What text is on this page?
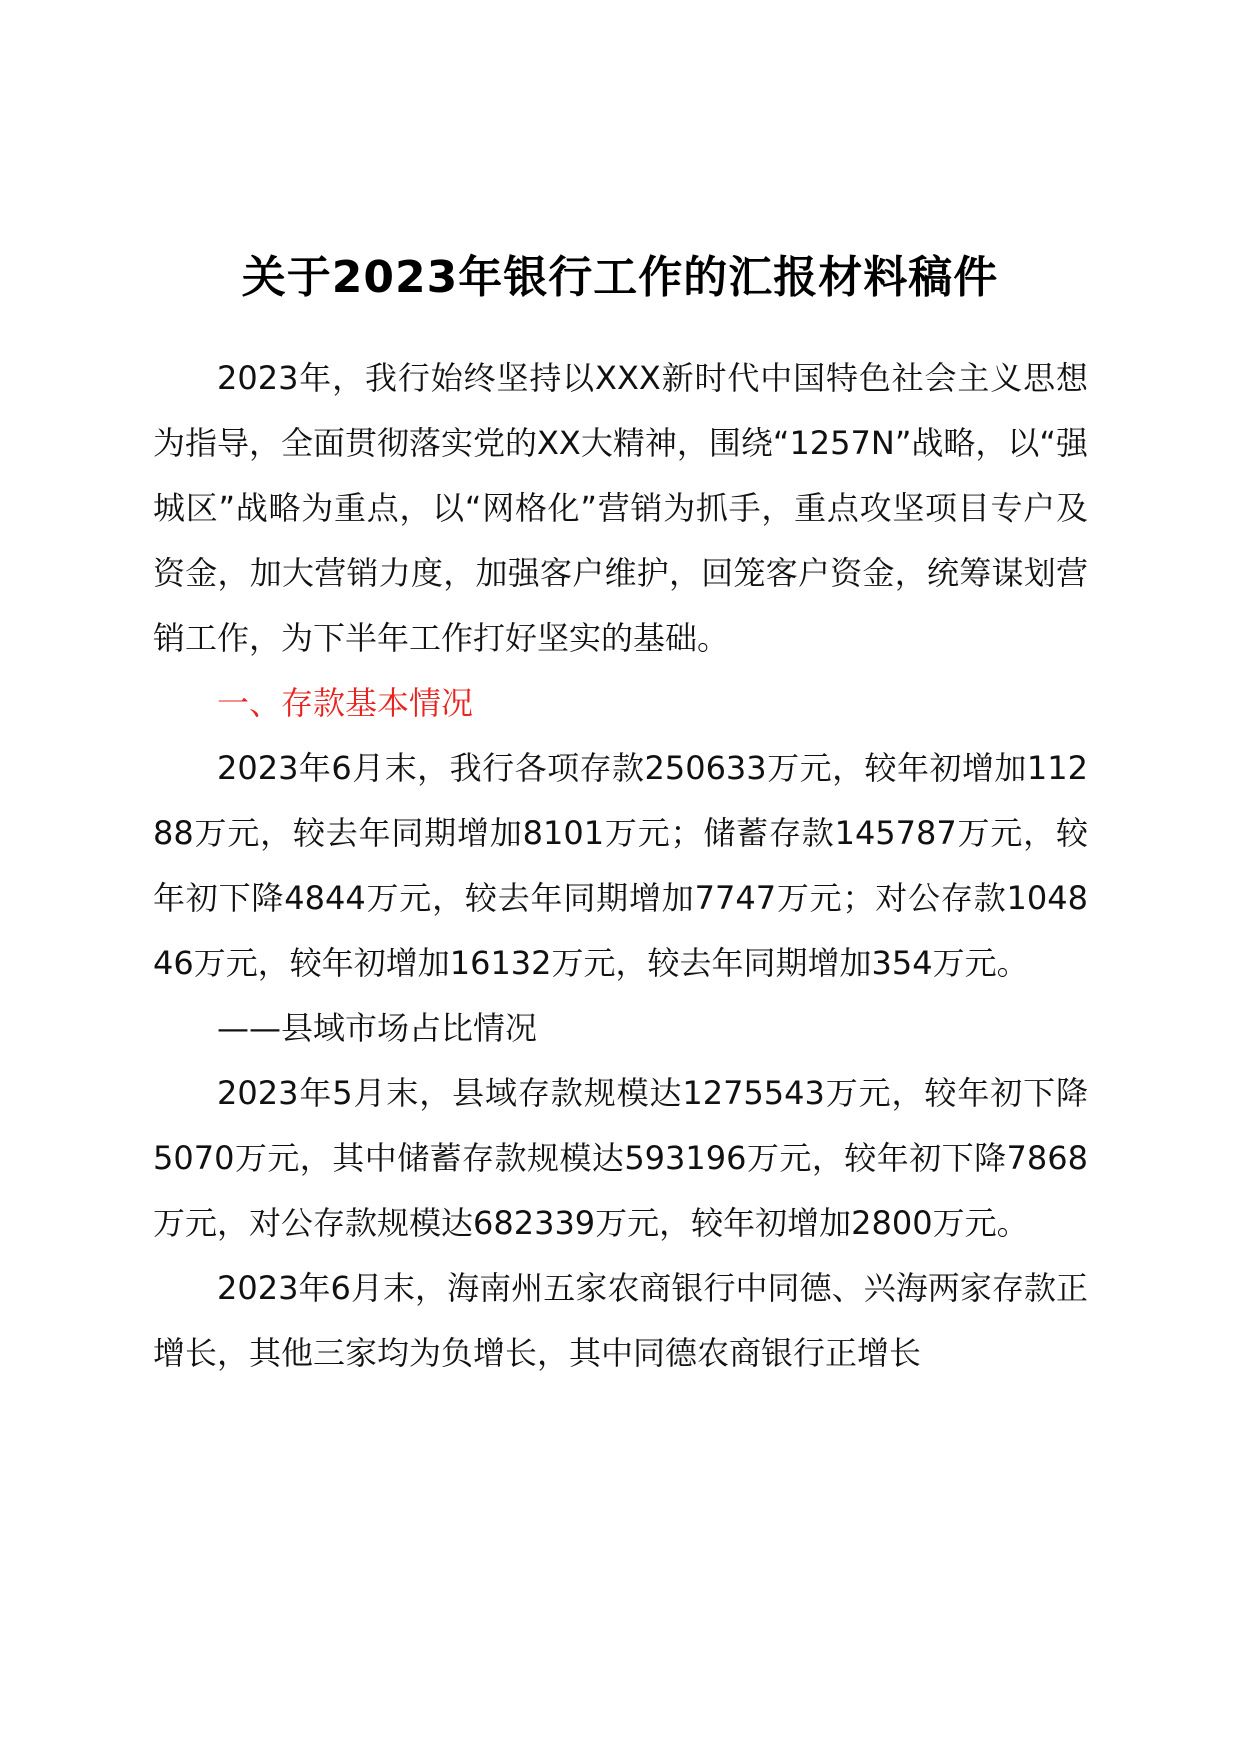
关于2023年银行工作的汇报材料稿件

2023年，我行始终坚持以XXX新时代中国特色社会主义思想为指导，全面贯彻落实党的XX大精神，围绕“1257N”战略，以“强城区”战略为重点，以“网格化”营销为抓手，重点攻坚项目专户及资金，加大营销力度，加强客户维护，回笼客户资金，统筹谋划营销工作，为下半年工作打好坚实的基础。

一、存款基本情况

2023年6月末，我行各项存款250633万元，较年初增加11288万元，较去年同期增加8101万元；储蓄存款145787万元，较年初下降4844万元，较去年同期增加7747万元；对公存款104846万元，较年初增加16132万元，较去年同期增加354万元。

——县域市场占比情况

2023年5月末，县域存款规模达1275543万元，较年初下降5070万元，其中储蓄存款规模达593196万元，较年初下降7868万元，对公存款规模达682339万元，较年初增加2800万元。

2023年6月末，海南州五家农商银行中同德、兴海两家存款正增长，其他三家均为负增长，其中同德农商银行正增长
